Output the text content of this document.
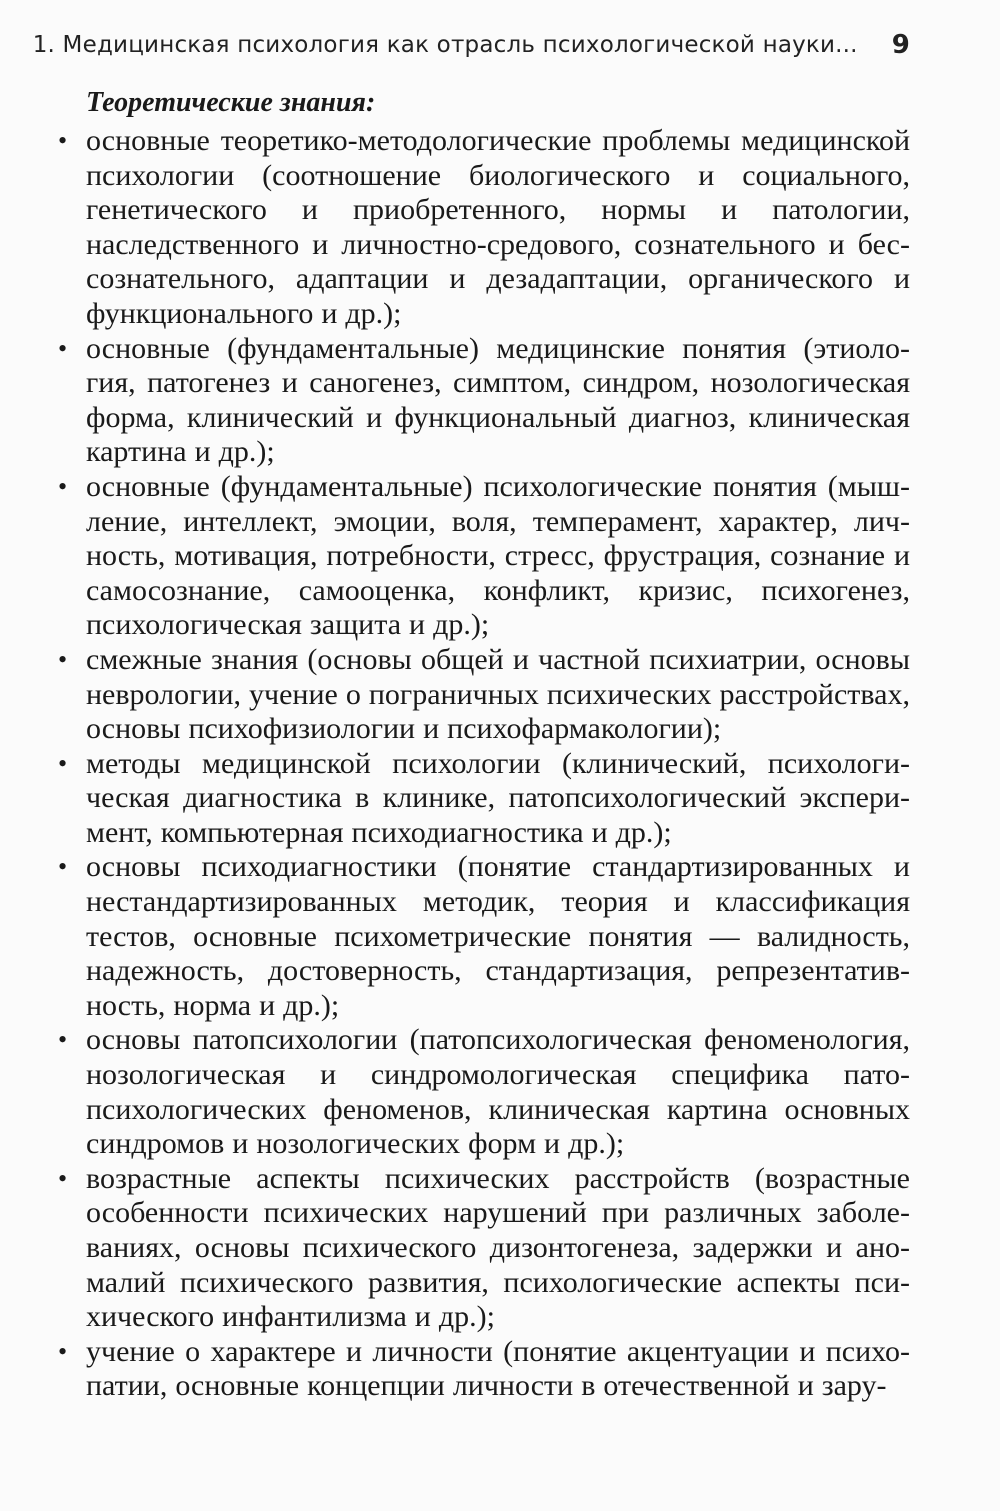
1. Медицинская психология как отрасль психологической науки... 9
Теоретические знания:
• основные теоретико-методологические проблемы медицинской психологии (соотношение биологического и социального, генетического и приобретенного, нормы и патологии, наследственного и личностно-средового, сознательного и бессознательного, адаптации и дезадаптации, органического и функционального и др.);
• основные (фундаментальные) медицинские понятия (этиология, патогенез и саногенез, симптом, синдром, нозологическая форма, клинический и функциональный диагноз, клиническая картина и др.);
• основные (фундаментальные) психологические понятия (мышление, интеллект, эмоции, воля, темперамент, характер, личность, мотивация, потребности, стресс, фрустрация, сознание и самосознание, самооценка, конфликт, кризис, психогенез, психологическая защита и др.);
• смежные знания (основы общей и частной психиатрии, основы неврологии, учение о пограничных психических расстройствах, основы психофизиологии и психофармакологии);
• методы медицинской психологии (клинический, психологическая диагностика в клинике, патопсихологический эксперимент, компьютерная психодиагностика и др.);
• основы психодиагностики (понятие стандартизированных и нестандартизированных методик, теория и классификация тестов, основные психометрические понятия — валидность, надежность, достоверность, стандартизация, репрезентативность, норма и др.);
• основы патопсихологии (патопсихологическая феноменология, нозологическая и синдромологическая специфика патопсихологических феноменов, клиническая картина основных синдромов и нозологических форм и др.);
• возрастные аспекты психических расстройств (возрастные особенности психических нарушений при различных заболеваниях, основы психического дизонтогенеза, задержки и аномалий психического развития, психологические аспекты психического инфантилизма и др.);
• учение о характере и личности (понятие акцентуации и психопатии, основные концепции личности в отечественной и зару-
